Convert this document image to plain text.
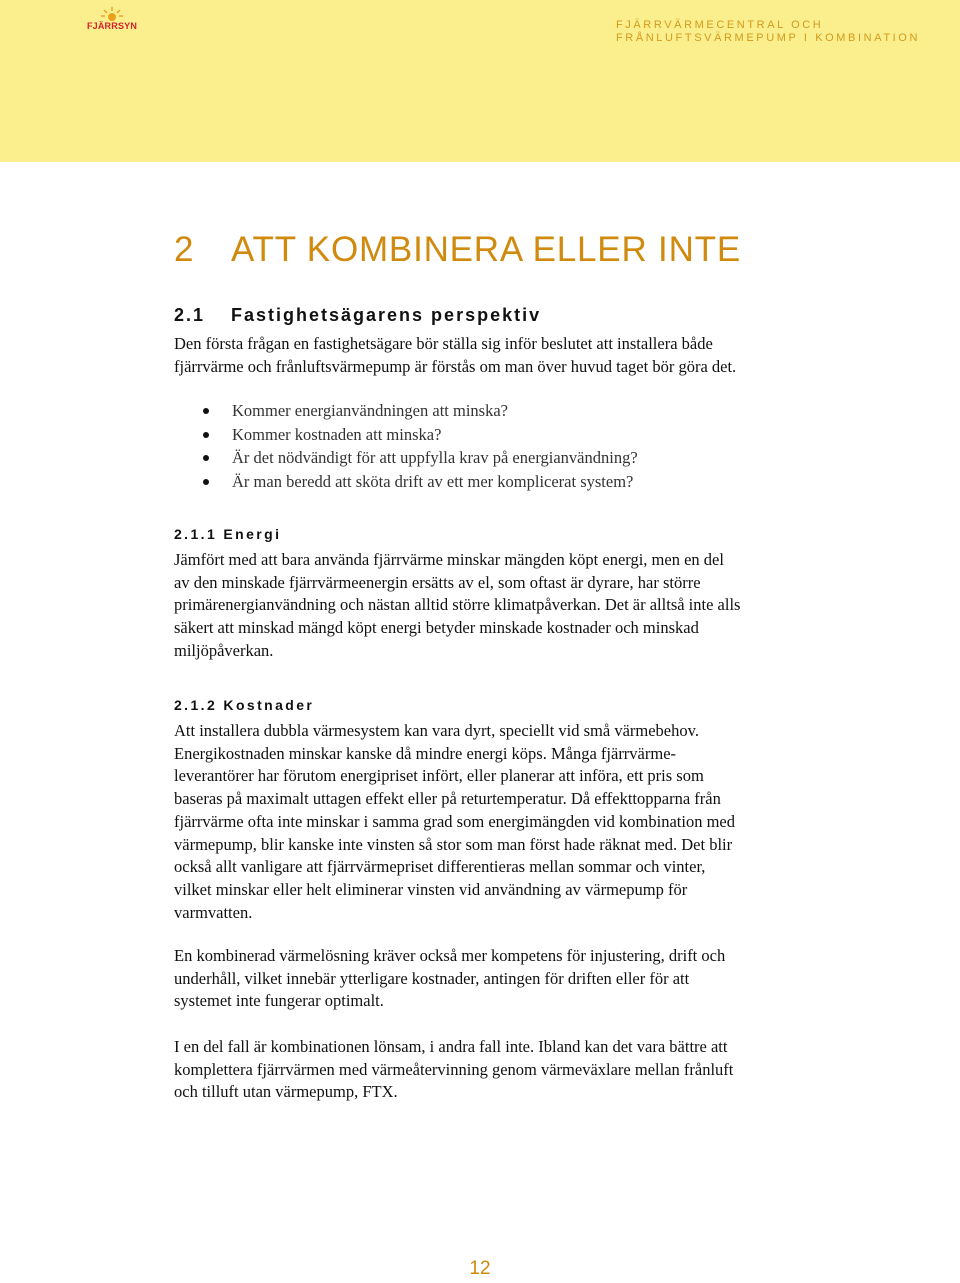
FJÄRRSYN	FJÄRRVÄRMECENTRAL OCH
FRÅNLUFTSVÄRMEPUMP I KOMBINATION
2 ATT KOMBINERA ELLER INTE
2.1 Fastighetsägarens perspektiv
Den första frågan en fastighetsägare bör ställa sig inför beslutet att installera både
fjärrvärme och frånluftsvärmepump är förstås om man över huvud taget bör göra det.
Kommer energianvändningen att minska?
Kommer kostnaden att minska?
Är det nödvändigt för att uppfylla krav på energianvändning?
Är man beredd att sköta drift av ett mer komplicerat system?
2.1.1 Energi
Jämfört med att bara använda fjärrvärme minskar mängden köpt energi, men en del
av den minskade fjärrvärmeenergin ersätts av el, som oftast är dyrare, har större
primärenergianvändning och nästan alltid större klimatpåverkan. Det är alltså inte alls
säkert att minskad mängd köpt energi betyder minskade kostnader och minskad
miljöpåverkan.
2.1.2 Kostnader
Att installera dubbla värmesystem kan vara dyrt, speciellt vid små värmebehov.
Energikostnaden minskar kanske då mindre energi köps. Många fjärrvärme-
leverantörer har förutom energipriset infört, eller planerar att införa, ett pris som
baseras på maximalt uttagen effekt eller på returtemperatur. Då effekttopparna från
fjärrvärme ofta inte minskar i samma grad som energimängden vid kombination med
värmepump, blir kanske inte vinsten så stor som man först hade räknat med. Det blir
också allt vanligare att fjärrvärmepriset differentieras mellan sommar och vinter,
vilket minskar eller helt eliminerar vinsten vid användning av värmepump för
varmvatten.
En kombinerad värmelösning kräver också mer kompetens för injustering, drift och
underhåll, vilket innebär ytterligare kostnader, antingen för driften eller för att
systemet inte fungerar optimalt.
I en del fall är kombinationen lönsam, i andra fall inte. Ibland kan det vara bättre att
komplettera fjärrvärmen med värmeåtervinning genom värmeväxlare mellan frånluft
och tilluft utan värmepump, FTX.
12
